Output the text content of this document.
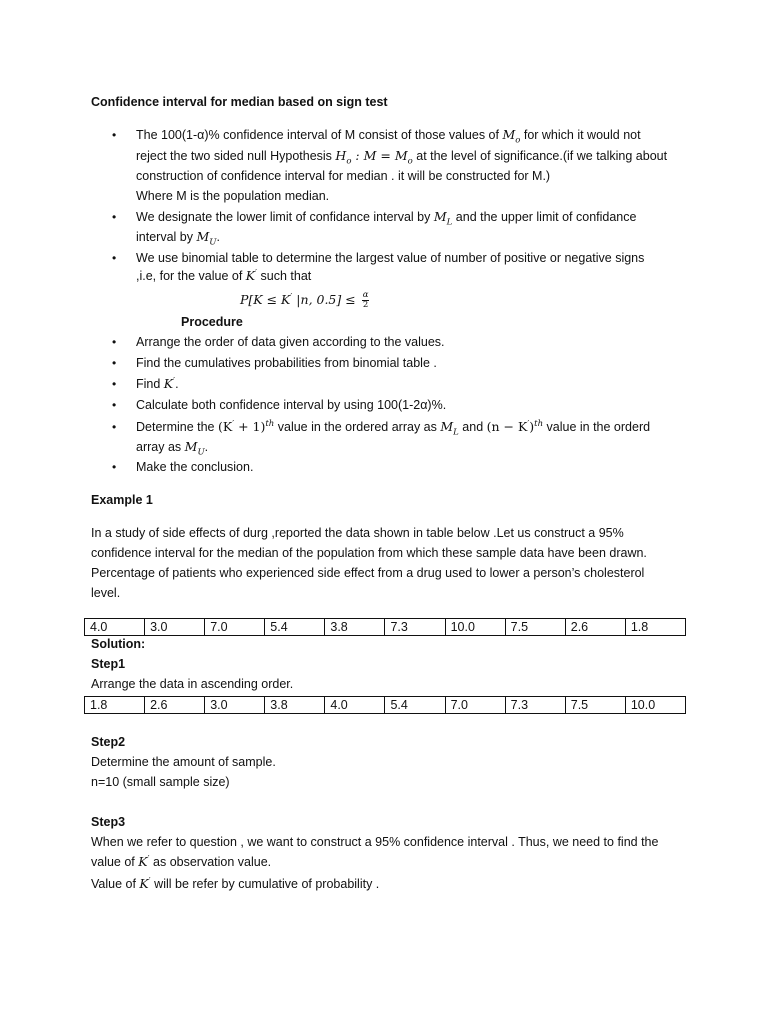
Confidence interval for median based on sign test
•	The 100(1-α)% confidence interval of M consist of those values of $M_o$ for which it would not
reject the two sided null Hypothesis $H_o$ : $M = M_o$ at the level of significance.(if we talking about
construction of confidence interval for median . it will be constructed for M.)
Where M is the population median.
•	We designate the lower limit of confidance interval by $M_L$ and the upper limit of confidance
interval by $M_U$.
•	We use binomial table to determine the largest value of number of positive or negative signs
,i.e, for the value of K′ such that
P[K ≤ K′ |n, $0.5] \le \frac{\alpha}{2}$
Procedure
•	Arrange the order of data given according to the values.
•	Find the cumulatives probabilities from binomial table .
•	Find K′.
•	Calculate both confidence interval by using 100(1-2α)%.
•	Determine the $(K' + 1)^{th}$ value in the ordered array as $M_L$ and $(n - K')^{th}$ value in the orderd
array as $M_U$.
•	Make the conclusion.
Example 1
In a study of side effects of durg ,reported the data shown in table below .Let us construct a 95%
confidence interval for the median of the population from which these sample data have been drawn.
Percentage of patients who experienced side effect from a drug used to lower a person’s cholesterol
level.
4.0	3.0	7.0	5.4	3.8	7.3	10.0	7.5	2.6	1.8
Solution:
Step1
Arrange the data in ascending order.
1.8	2.6	3.0	3.8	4.0	5.4	7.0	7.3	7.5	10.0
Step2
Determine the amount of sample.
n=10 (small sample size)
Step3
When we refer to question , we want to construct a 95% confidence interval . Thus, we need to find the
value of K′ as observation value.
Value of K′ will be refer by cumulative of probability .
